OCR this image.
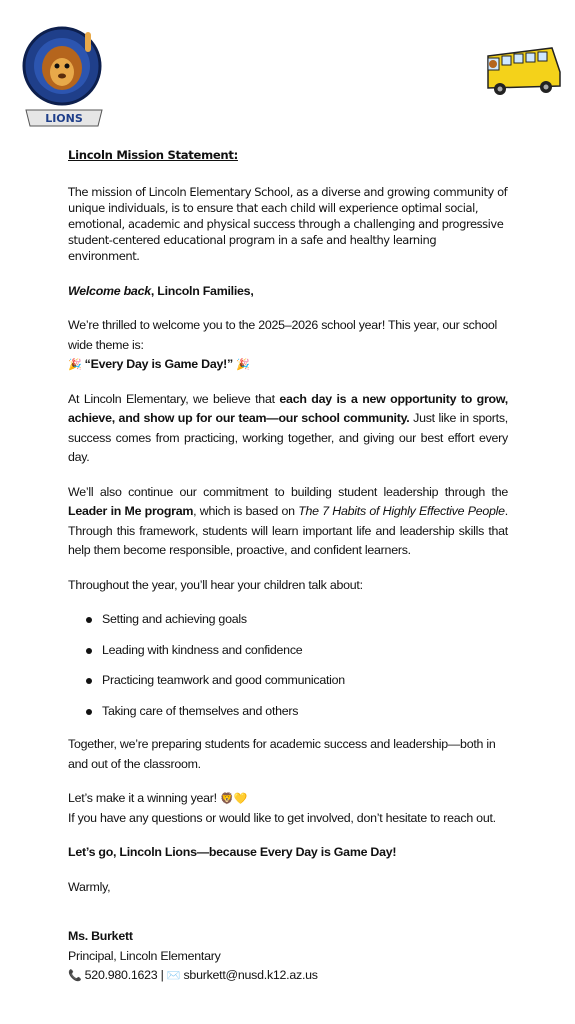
LIONS
Lincoln Mission Statement:
The mission of Lincoln Elementary School, as a diverse and growing community of unique individuals, is to ensure that each child will experience optimal social, emotional, academic and physical success through a challenging and progressive student-centered educational program in a safe and healthy learning environment.

Welcome back, Lincoln Families,

We’re thrilled to welcome you to the 2025–2026 school year! This year, our school wide theme is:

🎉 “Every Day is Game Day!” 🎉

At Lincoln Elementary, we believe that each day is a new opportunity to grow, achieve, and show up for our team—our school community. Just like in sports, success comes from practicing, working together, and giving our best effort every day.

We’ll also continue our commitment to building student leadership through the Leader in Me program, which is based on The 7 Habits of Highly Effective People. Through this framework, students will learn important life and leadership skills that help them become responsible, proactive, and confident learners.

Throughout the year, you’ll hear your children talk about:

Setting and achieving goals
Leading with kindness and confidence
Practicing teamwork and good communication
Taking care of themselves and others

Together, we’re preparing students for academic success and leadership—both in and out of the classroom.

Let’s make it a winning year! 🦁💛
If you have any questions or would like to get involved, don’t hesitate to reach out.

Let’s go, Lincoln Lions—because Every Day is Game Day!

Warmly,

Ms. Burkett
Principal, Lincoln Elementary
📞 520.980.1623 | ✉️ sburkett@nusd.k12.az.us
